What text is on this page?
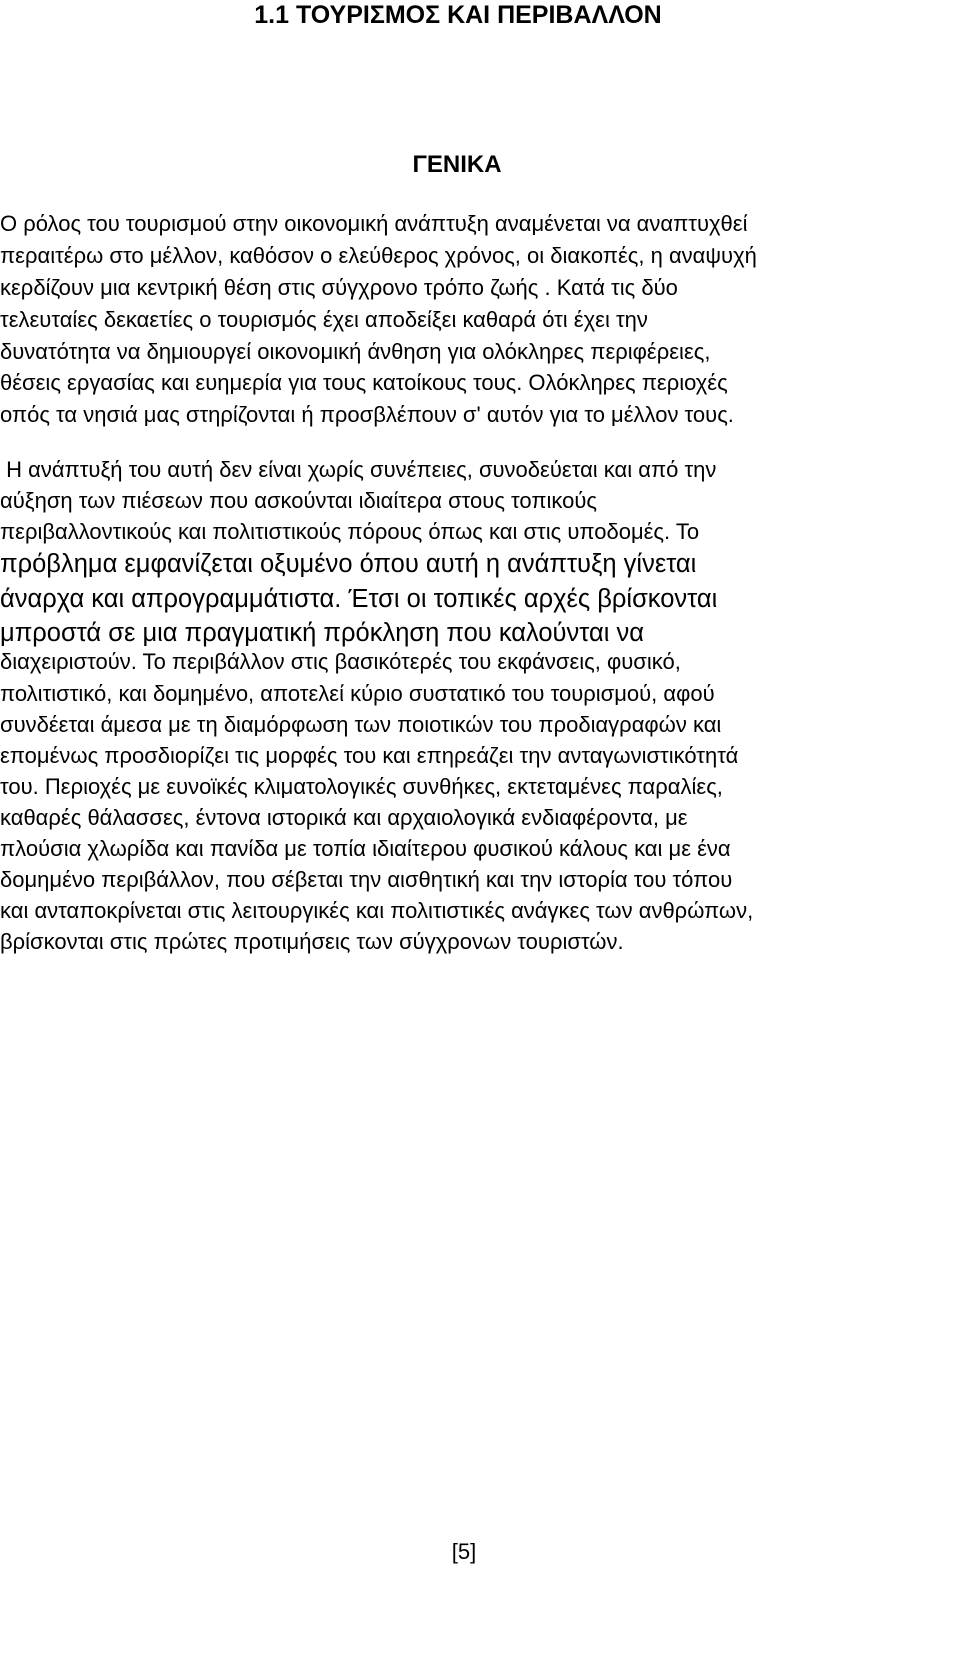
1.1 ΤΟΥΡΙΣΜΟΣ ΚΑΙ ΠΕΡΙΒΑΛΛΟΝ
ΓΕΝΙΚΑ
Ο ρόλος του τουρισμού στην οικονομική ανάπτυξη αναμένεται να αναπτυχθεί
περαιτέρω στο μέλλον, καθόσον ο ελεύθερος χρόνος, οι διακοπές, η αναψυχή
κερδίζουν μια κεντρική θέση στις σύγχρονο τρόπο ζωής . Κατά τις δύο
τελευταίες δεκαετίες ο τουρισμός έχει αποδείξει καθαρά ότι έχει την
δυνατότητα να δημιουργεί οικονομική άνθηση για ολόκληρες περιφέρειες,
θέσεις εργασίας και ευημερία για τους κατοίκους τους. Ολόκληρες περιοχές
οπός τα νησιά μας στηρίζονται ή προσβλέπουν σ' αυτόν για το μέλλον τους.
Η ανάπτυξή του αυτή δεν είναι χωρίς συνέπειες, συνοδεύεται και από την
αύξηση των πιέσεων που ασκούνται ιδιαίτερα στους τοπικούς
περιβαλλοντικούς και πολιτιστικούς πόρους όπως και στις υποδομές. Το
πρόβλημα εμφανίζεται οξυμένο όπου αυτή η ανάπτυξη γίνεται
άναρχα και απρογραμμάτιστα. Έτσι οι τοπικές αρχές βρίσκονται
μπροστά σε μια πραγματική πρόκληση που καλούνται να
διαχειριστούν. Το περιβάλλον στις βασικότερές του εκφάνσεις, φυσικό,
πολιτιστικό, και δομημένο, αποτελεί κύριο συστατικό του τουρισμού, αφού
συνδέεται άμεσα με τη διαμόρφωση των ποιοτικών του προδιαγραφών και
επομένως προσδιορίζει τις μορφές του και επηρεάζει την ανταγωνιστικότητά
του. Περιοχές με ευνοϊκές κλιματολογικές συνθήκες, εκτεταμένες παραλίες,
καθαρές θάλασσες, έντονα ιστορικά και αρχαιολογικά ενδιαφέροντα, με
πλούσια χλωρίδα και πανίδα με τοπία ιδιαίτερου φυσικού κάλους και με ένα
δομημένο περιβάλλον, που σέβεται την αισθητική και την ιστορία του τόπου
και ανταποκρίνεται στις λειτουργικές και πολιτιστικές ανάγκες των ανθρώπων,
βρίσκονται στις πρώτες προτιμήσεις των σύγχρονων τουριστών.
[5]
